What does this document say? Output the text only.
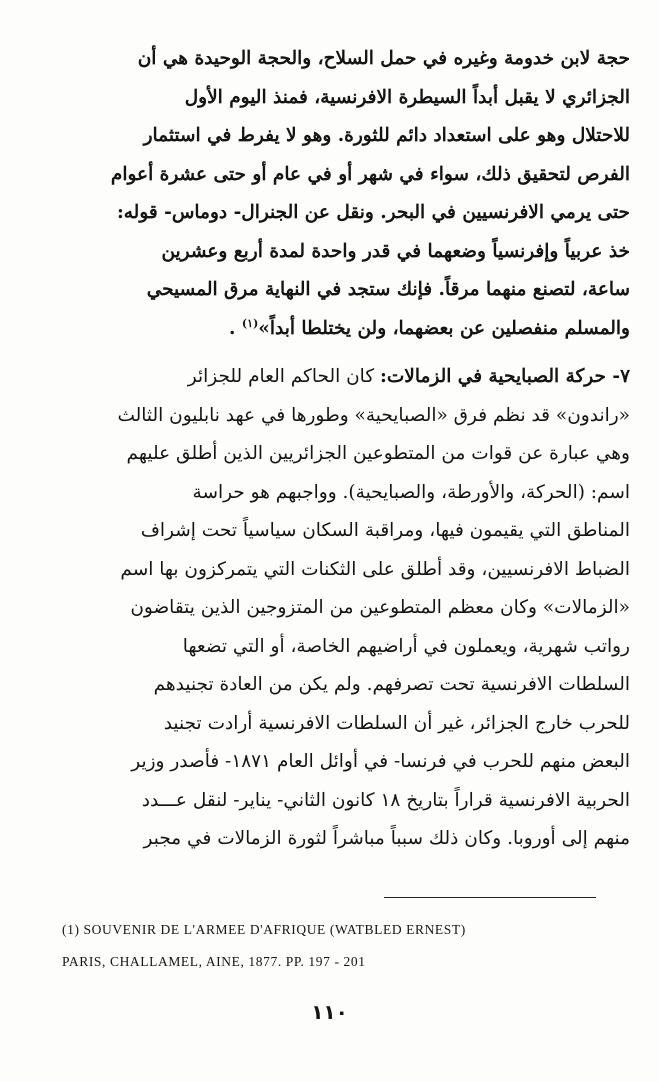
حجة لابن خدومة وغيره في حمل السلاح، والحجة الوحيدة هي أن
الجزائري لا يقبل أبداً السيطرة الافرنسية، فمنذ اليوم الأول
للاحتلال وهو على استعداد دائم للثورة. وهو لا يفرط في استثمار
الفرص لتحقيق ذلك، سواء في شهر أو في عام أو حتى عشرة أعوام
حتى يرمي الافرنسيين في البحر. ونقل عن الجنرال- دوماس- قوله:
خذ عربياً وإفرنسياً وضعهما في قدر واحدة لمدة أربع وعشرين
ساعة، لتصنع منهما مرقاً. فإنك ستجد في النهاية مرق المسيحي
والمسلم منفصلين عن بعضهما، ولن يختلطا أبداً»$^{(١)}$ .
٧- حركة الصبايحية في الزمالات: كان الحاكم العام للجزائر
«راندون» قد نظم فرق «الصبايحية» وطورها في عهد نابليون الثالث
وهي عبارة عن قوات من المتطوعين الجزائريين الذين أطلق عليهم
اسم: (الحركة، والأورطة، والصبايحية). وواجبهم هو حراسة
المناطق التي يقيمون فيها، ومراقبة السكان سياسياً تحت إشراف
الضباط الافرنسيين، وقد أطلق على الثكنات التي يتمركزون بها اسم
«الزمالات» وكان معظم المتطوعين من المتزوجين الذين يتقاضون
رواتب شهرية، ويعملون في أراضيهم الخاصة، أو التي تضعها
السلطات الافرنسية تحت تصرفهم. ولم يكن من العادة تجنيدهم
للحرب خارج الجزائر، غير أن السلطات الافرنسية أرادت تجنيد
البعض منهم للحرب في فرنسا- في أوائل العام ١٨٧١- فأصدر وزير
الحربية الافرنسية قراراً بتاريخ ١٨ كانون الثاني- يناير- لنقل عـــدد
منهم إلى أوروبا. وكان ذلك سبباً مباشراً لثورة الزمالات في مجبر
(1) SOUVENIR DE L'ARMEE D'AFRIQUE (WATBLED ERNEST)
PARIS, CHALLAMEL, AINE, 1877. PP. 197 - 201
١١٠
